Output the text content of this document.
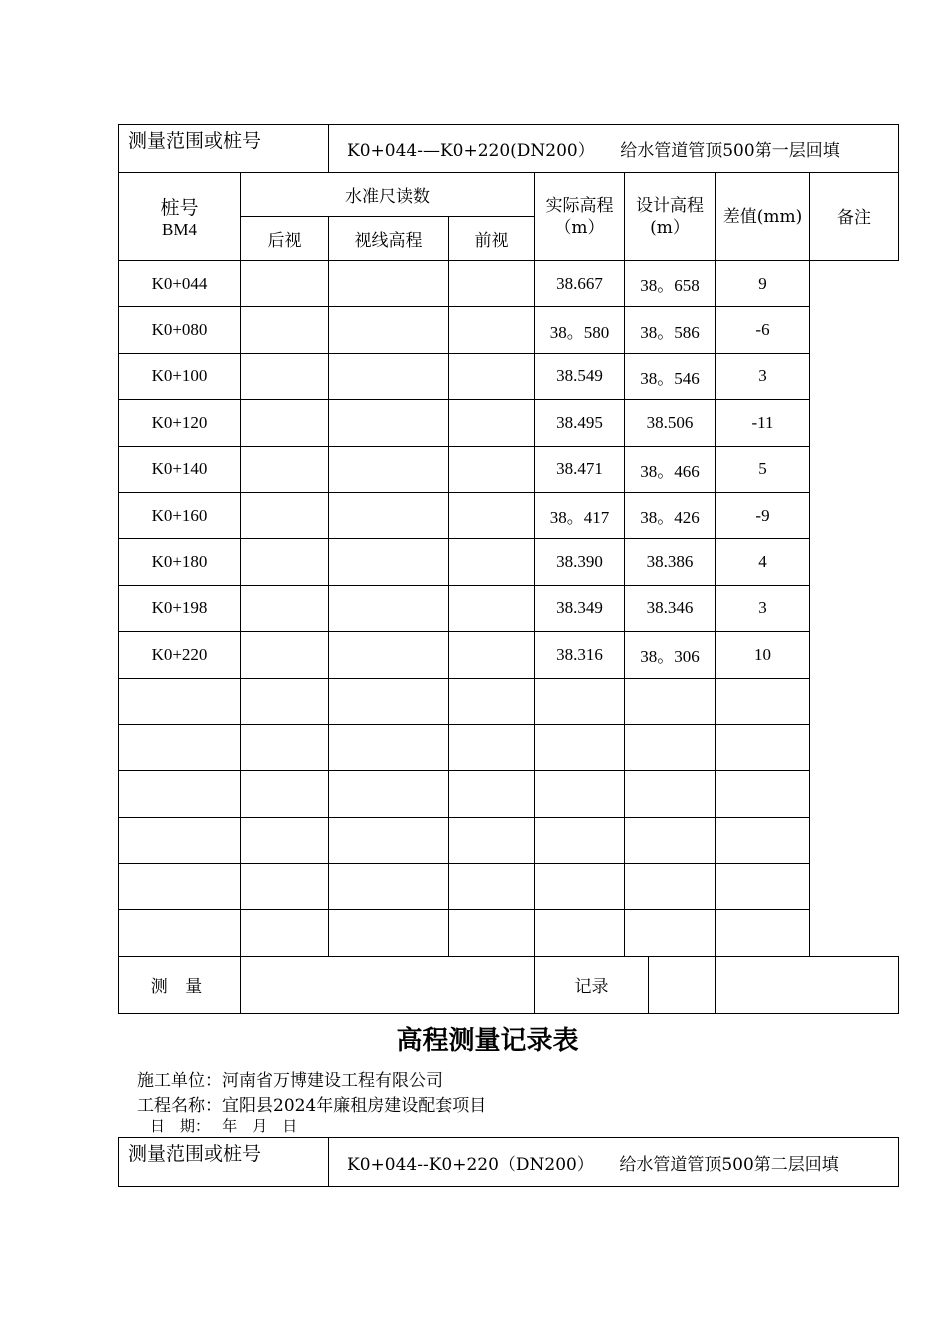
测量范围或桩号		K0+044-—K0+220(DN200）　　给水管道管顶500第一层回填					

桩号
BM4	水准尺读数			实际高程（m）	设计高程(m）	差值(mm)	备注
	后视	视线高程	前视				
K0+044				38.667	38。658	9	
K0+080				38。580	38。586	-6	
K0+100				38.549	38。546	3	
K0+120				38.495	38.506	-11	
K0+140				38.471	38。466	5	
K0+160				38。417	38。426	-9	
K0+180				38.390	38.386	4	
K0+198				38.349	38.346	3	
K0+220				38.316	38。306	10	

测 量				记录			

高程测量记录表
施工单位：河南省万博建设工程有限公司
工程名称：宜阳县2024年廉租房建设配套项目
日　期：　 年　月　日
测量范围或桩号	K0+044--K0+220（DN200）　　给水管道管顶500第二层回填
